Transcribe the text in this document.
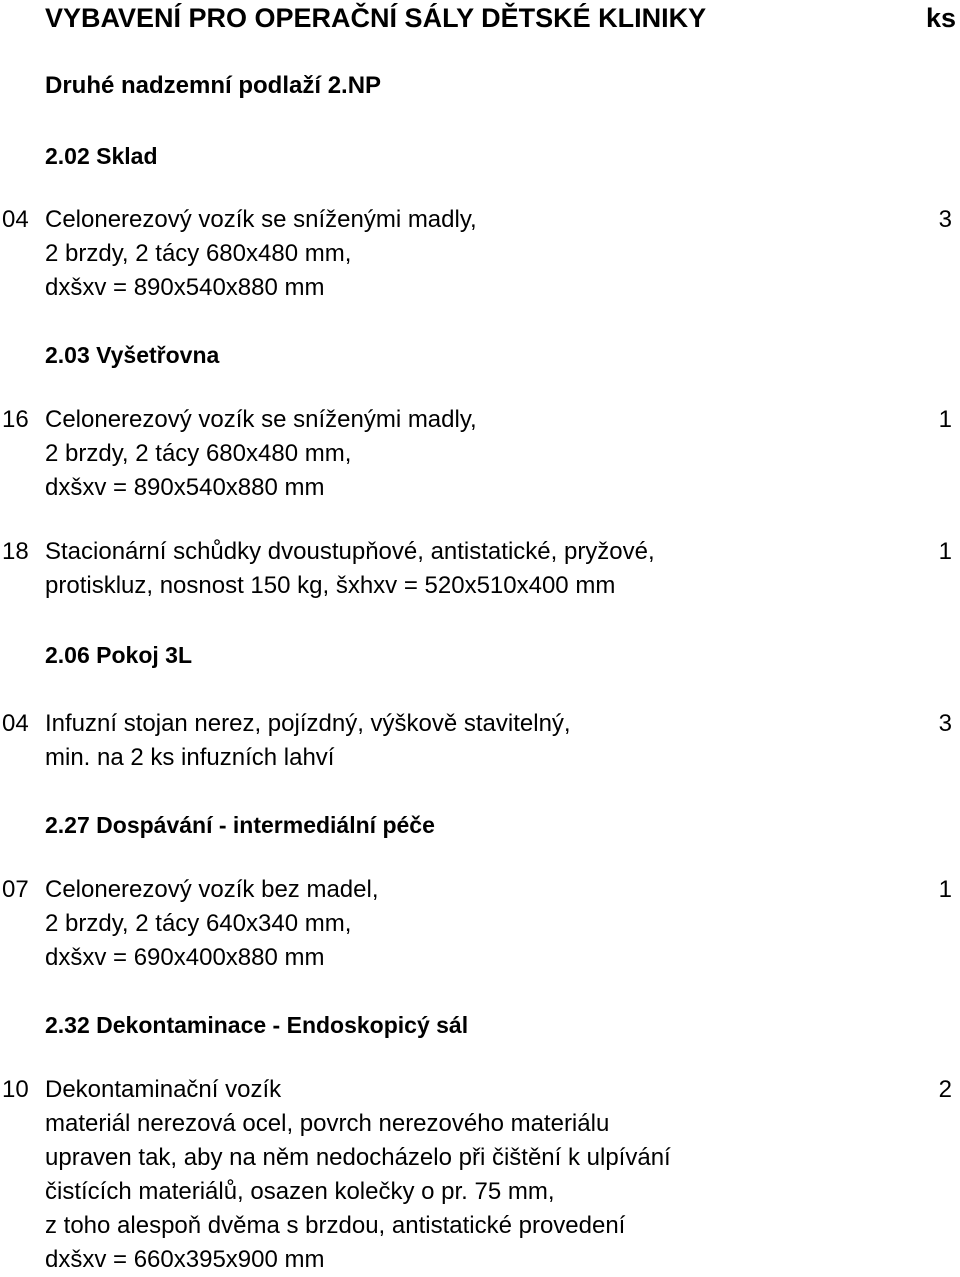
VYBAVENÍ PRO OPERAČNÍ SÁLY DĚTSKÉ KLINIKY	ks
Druhé nadzemní podlaží 2.NP
2.02 Sklad
04 Celonerezový vozík se sníženými madly,
2 brzdy, 2 tácy 680x480 mm,
dxšxv = 890x540x880 mm
3
2.03 Vyšetřovna
16 Celonerezový vozík se sníženými madly,
2 brzdy, 2 tácy 680x480 mm,
dxšxv = 890x540x880 mm
1
18 Stacionární schůdky dvoustupňové, antistatické, pryžové,
protiskluz, nosnost 150 kg, šxhxv = 520x510x400 mm
1
2.06 Pokoj 3L
04 Infuzní stojan nerez, pojízdný, výškově stavitelný,
min. na 2 ks infuzních lahví
3
2.27 Dospávání - intermediální péče
07 Celonerezový vozík bez madel,
2 brzdy, 2 tácy 640x340 mm,
dxšxv = 690x400x880 mm
1
2.32 Dekontaminace - Endoskopicý sál
10 Dekontaminační vozík
materiál nerezová ocel, povrch nerezového materiálu
upraven tak, aby na něm nedocházelo při čištění k ulpívání
čistících materiálů, osazen kolečky o pr. 75 mm,
z toho alespoň dvěma s brzdou, antistatické provedení
dxšxv = 660x395x900 mm
2
